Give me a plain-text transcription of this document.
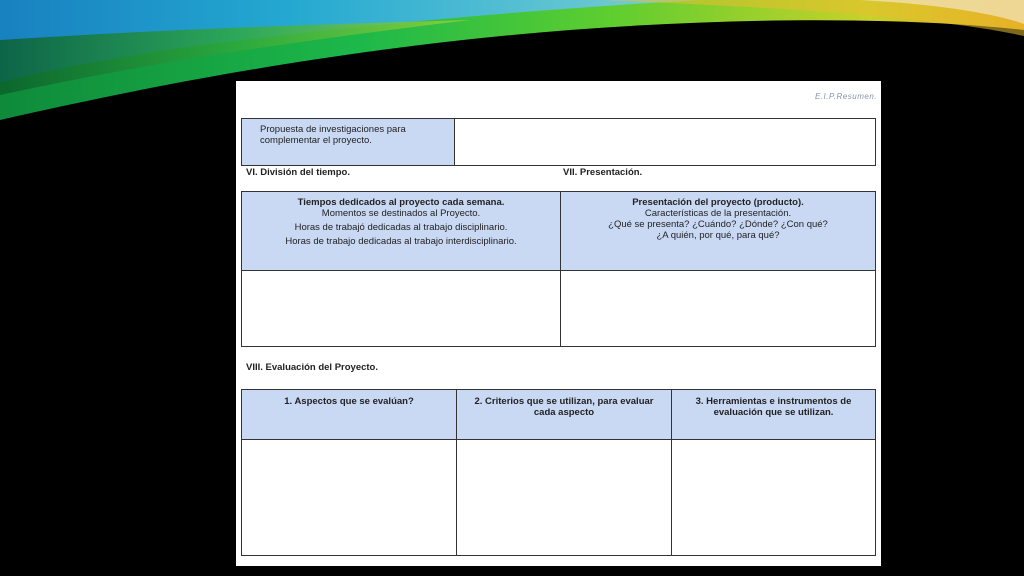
E.I.P.Resumen.
Propuesta de investigaciones para
complementar el proyecto.
VI. División del tiempo.	VII. Presentación.
Tiempos dedicados al proyecto cada semana.
Momentos se destinados al Proyecto.
Horas de trabajó dedicadas al trabajo disciplinario.
Horas de trabajo dedicadas al trabajo interdisciplinario.
Presentación del proyecto (producto).
Características de la presentación.
¿Qué se presenta? ¿Cuándo? ¿Dónde? ¿Con qué?
¿A quién, por qué, para qué?
VIII. Evaluación del Proyecto.
1. Aspectos que se evalúan?	2. Criterios que se utilizan, para evaluar
cada aspecto
3. Herramientas e instrumentos de
evaluación que se utilizan.
